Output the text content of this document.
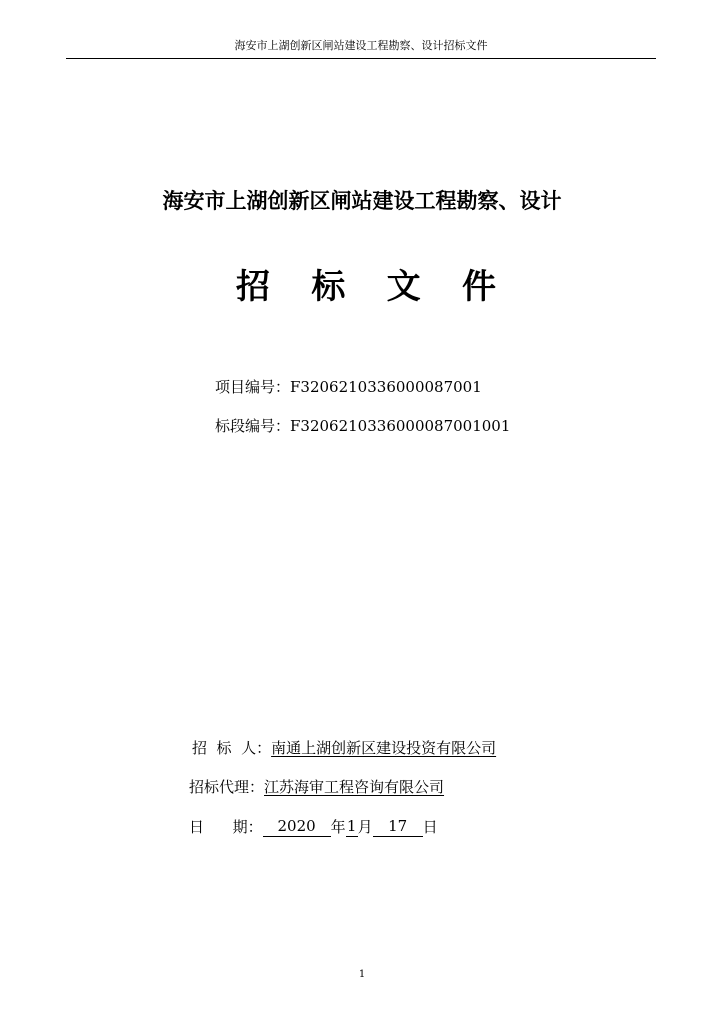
海安市上湖创新区闸站建设工程勘察、设计招标文件
海安市上湖创新区闸站建设工程勘察、设计
招 标 文 件
项目编号：F3206210336000087001
标段编号：F3206210336000087001001
招  标  人：南通上湖创新区建设投资有限公司
招标代理：江苏海审工程咨询有限公司
日      期： 2020 年1月 17 日
1
